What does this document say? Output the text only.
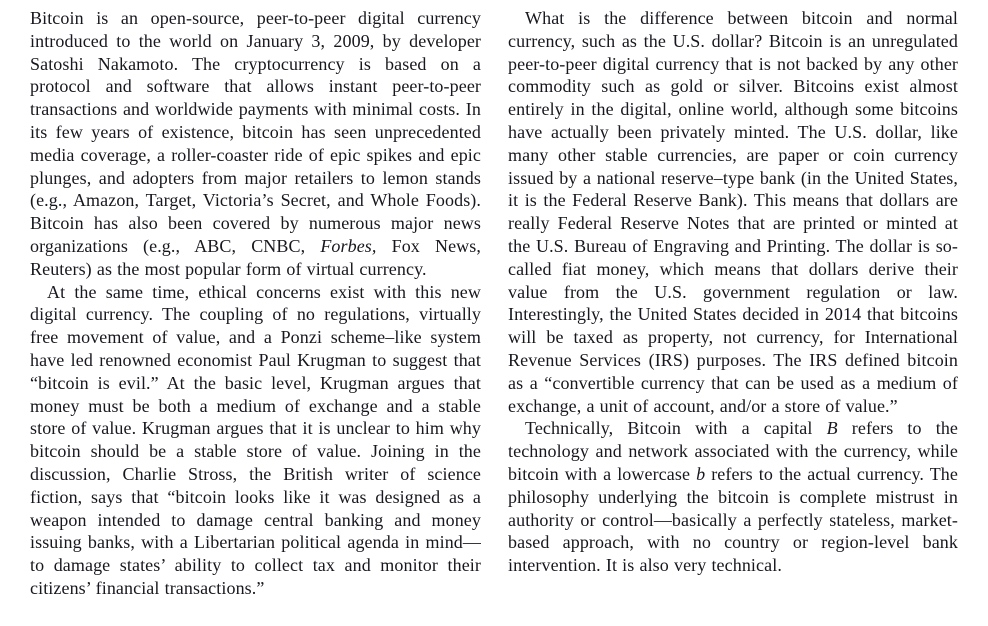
Bitcoin is an open-source, peer-to-peer digital currency introduced to the world on January 3, 2009, by developer Satoshi Nakamoto. The cryptocurrency is based on a protocol and software that allows instant peer-to-peer transactions and worldwide payments with minimal costs. In its few years of existence, bitcoin has seen unprecedented media coverage, a roller-coaster ride of epic spikes and epic plunges, and adopters from major retailers to lemon stands (e.g., Amazon, Target, Victoria’s Secret, and Whole Foods). Bitcoin has also been covered by numerous major news organizations (e.g., ABC, CNBC, Forbes, Fox News, Reuters) as the most popular form of virtual currency.

At the same time, ethical concerns exist with this new digital currency. The coupling of no regulations, virtually free movement of value, and a Ponzi scheme–like system have led renowned economist Paul Krugman to suggest that “bitcoin is evil.” At the basic level, Krugman argues that money must be both a medium of exchange and a stable store of value. Krugman argues that it is unclear to him why bitcoin should be a stable store of value. Joining in the discussion, Charlie Stross, the British writer of science fiction, says that “bitcoin looks like it was designed as a weapon intended to damage central banking and money issuing banks, with a Libertarian political agenda in mind—to damage states’ ability to collect tax and monitor their citizens’ financial transactions.”

What is the difference between bitcoin and normal currency, such as the U.S. dollar? Bitcoin is an unregulated peer-to-peer digital currency that is not backed by any other commodity such as gold or silver. Bitcoins exist almost entirely in the digital, online world, although some bitcoins have actually been privately minted. The U.S. dollar, like many other stable currencies, are paper or coin currency issued by a national reserve–type bank (in the United States, it is the Federal Reserve Bank). This means that dollars are really Federal Reserve Notes that are printed or minted at the U.S. Bureau of Engraving and Printing. The dollar is so-called fiat money, which means that dollars derive their value from the U.S. government regulation or law. Interestingly, the United States decided in 2014 that bitcoins will be taxed as property, not currency, for International Revenue Services (IRS) purposes. The IRS defined bitcoin as a “convertible currency that can be used as a medium of exchange, a unit of account, and/or a store of value.”

Technically, Bitcoin with a capital B refers to the technology and network associated with the currency, while bitcoin with a lowercase b refers to the actual currency. The philosophy underlying the bitcoin is complete mistrust in authority or control—basically a perfectly stateless, market-based approach, with no country or region-level bank intervention. It is also very technical.
